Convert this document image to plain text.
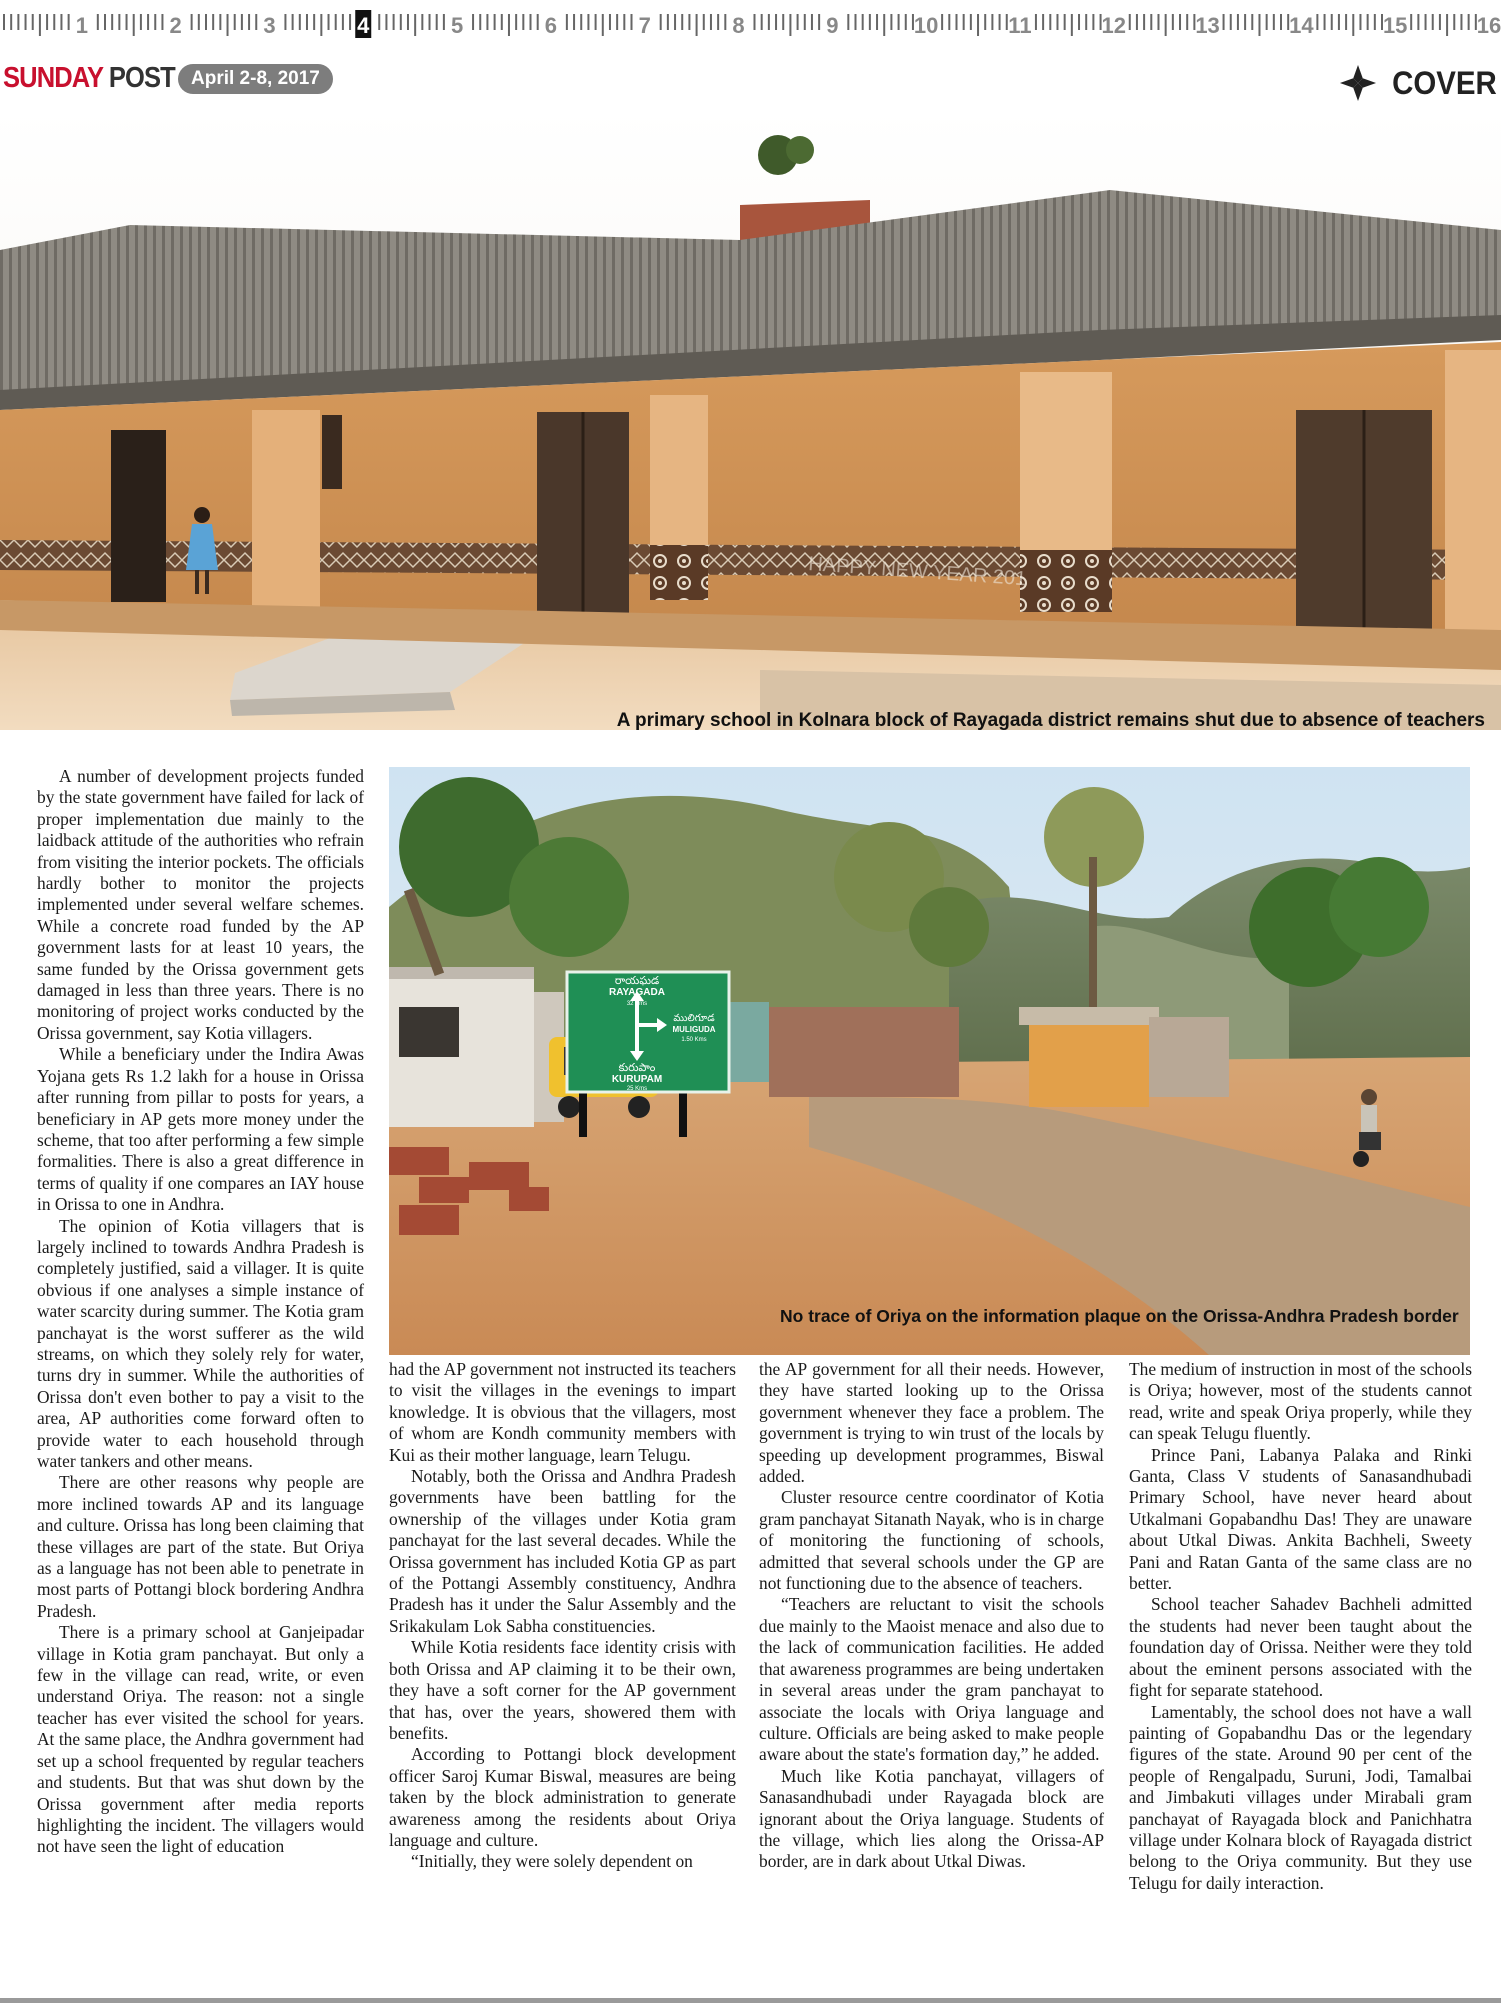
1	2	3	4	5	6	7	8	9	10	11	12	13	14	15	16
SUNDAY POST April 2-8, 2017	COVER
HAPPY NEW YEAR 201
A primary school in Kolnara block of Rayagada district remains shut due to absence of teachers
రాయఘడ
RAYAGADA
32 Kms
ములిగూడ
MULIGUDA
1.50 Kms
కురుపాం
KURUPAM
25 Kms
No trace of Oriya on the information plaque on the Orissa-Andhra Pradesh border

A number of development projects funded by the state government have failed for lack of proper implementation due mainly to the laidback attitude of the authorities who refrain from visiting the interior pockets. The officials hardly bother to monitor the projects implemented under several welfare schemes. While a concrete road funded by the AP government lasts for at least 10 years, the same funded by the Orissa government gets damaged in less than three years. There is no monitoring of project works conducted by the Orissa government, say Kotia villagers.

While a beneficiary under the Indira Awas Yojana gets Rs 1.2 lakh for a house in Orissa after running from pillar to posts for years, a beneficiary in AP gets more money under the scheme, that too after performing a few simple formalities. There is also a great difference in terms of quality if one compares an IAY house in Orissa to one in Andhra.

The opinion of Kotia villagers that is largely inclined to towards Andhra Pradesh is completely justified, said a villager. It is quite obvious if one analyses a simple instance of water scarcity during summer. The Kotia gram panchayat is the worst sufferer as the wild streams, on which they solely rely for water, turns dry in summer. While the authorities of Orissa don't even bother to pay a visit to the area, AP authorities come forward often to provide water to each household through water tankers and other means.

There are other reasons why people are more inclined towards AP and its language and culture. Orissa has long been claiming that these villages are part of the state. But Oriya as a language has not been able to penetrate in most parts of Pottangi block bordering Andhra Pradesh.

There is a primary school at Ganjeipadar village in Kotia gram panchayat. But only a few in the village can read, write, or even understand Oriya. The reason: not a single teacher has ever visited the school for years. At the same place, the Andhra government had set up a school frequented by regular teachers and students. But that was shut down by the Orissa government after media reports highlighting the incident. The villagers would not have seen the light of education

had the AP government not instructed its teachers to visit the villages in the evenings to impart knowledge. It is obvious that the villagers, most of whom are Kondh community members with Kui as their mother language, learn Telugu.

Notably, both the Orissa and Andhra Pradesh governments have been battling for the ownership of the villages under Kotia gram panchayat for the last several decades. While the Orissa government has included Kotia GP as part of the Pottangi Assembly constituency, Andhra Pradesh has it under the Salur Assembly and the Srikakulam Lok Sabha constituencies.

While Kotia residents face identity crisis with both Orissa and AP claiming it to be their own, they have a soft corner for the AP government that has, over the years, showered them with benefits.

According to Pottangi block development officer Saroj Kumar Biswal, measures are being taken by the block administration to generate awareness among the residents about Oriya language and culture.

“Initially, they were solely dependent on

the AP government for all their needs. However, they have started looking up to the Orissa government whenever they face a problem. The government is trying to win trust of the locals by speeding up development programmes, Biswal added.

Cluster resource centre coordinator of Kotia gram panchayat Sitanath Nayak, who is in charge of monitoring the functioning of schools, admitted that several schools under the GP are not functioning due to the absence of teachers.

“Teachers are reluctant to visit the schools due mainly to the Maoist menace and also due to the lack of communication facilities. He added that awareness programmes are being undertaken in several areas under the gram panchayat to associate the locals with Oriya language and culture. Officials are being asked to make people aware about the state's formation day,” he added.

Much like Kotia panchayat, villagers of Sanasandhubadi under Rayagada block are ignorant about the Oriya language. Students of the village, which lies along the Orissa-AP border, are in dark about Utkal Diwas.

The medium of instruction in most of the schools is Oriya; however, most of the students cannot read, write and speak Oriya properly, while they can speak Telugu fluently.

Prince Pani, Labanya Palaka and Rinki Ganta, Class V students of Sanasandhubadi Primary School, have never heard about Utkalmani Gopabandhu Das! They are unaware about Utkal Diwas. Ankita Bachheli, Sweety Pani and Ratan Ganta of the same class are no better.

School teacher Sahadev Bachheli admitted the students had never been taught about the foundation day of Orissa. Neither were they told about the eminent persons associated with the fight for separate statehood.

Lamentably, the school does not have a wall painting of Gopabandhu Das or the legendary figures of the state. Around 90 per cent of the people of Rengalpadu, Suruni, Jodi, Tamalbai and Jimbakuti villages under Mirabali gram panchayat of Rayagada block and Panichhatra village under Kolnara block of Rayagada district belong to the Oriya community. But they use Telugu for daily interaction.
